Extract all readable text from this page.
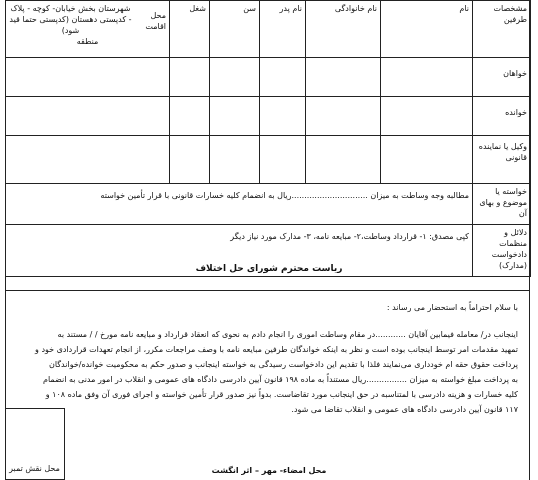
مشخصات طرفین	نام	نام خانوادگی	نام پدر	سن	شغل	محل اقامت
شهرستان بخش خیابان- کوچه - پلاک - کدپستی دهستان (کدپستی حتما قید شود)
منطقه

خواهان						
خوانده						
وکیل یا نماینده قانونی						
خواسته یا موضوع و بهای آن	مطالبه وجه وساطت به میزان ..............................ریال به انضمام کلیه خسارات قانونی با قرار تأمین خواسته					
دلائل و منظمات دادخواست (مدارک)	کپی مصدق: ۱- قرارداد وساطت،۲- مبایعه نامه، ۳- مدارک مورد نیاز دیگر					
ریاست محترم شورای حل اختلاف

با سلام احتراماً به استحضار می رساند :

اینجانب در/ معامله فیمابین آقایان ............در مقام وساطت اموری را انجام دادم به نحوی که انعقاد قرارداد و مبایعه نامه مورخ / / مستند به

تمهید مقدمات امر توسط اینجانب بوده است و نظر به اینکه خواندگان طرفین مبایعه نامه با وصف مراجعات مکرر، از انجام تعهدات قراردادی خود و

پرداخت حقوق حقه ام خودداری می‌نمایند فلذا با تقدیم این دادخواست رسیدگی به خواسته اینجانب و صدور حکم به محکومیت خوانده/خواندگان

به پرداخت مبلغ خواسته به میزان ................ریال مستنداً به ماده ۱۹۸ قانون آیین دادرسی دادگاه های عمومی و انقلاب در امور مدنی به انضمام

کلیه خسارات و هزینه دادرسی با لمتناسبه در حق اینجانب مورد تقاضاست. بدواً نیز صدور قرار تأمین خواسته و اجرای فوری آن وفق ماده ۱۰۸ و

۱۱۷ قانون آیین دادرسی دادگاه های عمومی و انقلاب تقاضا می شود.

محل نقش تمبر	محل امضاء- مهر – اثر انگشت
